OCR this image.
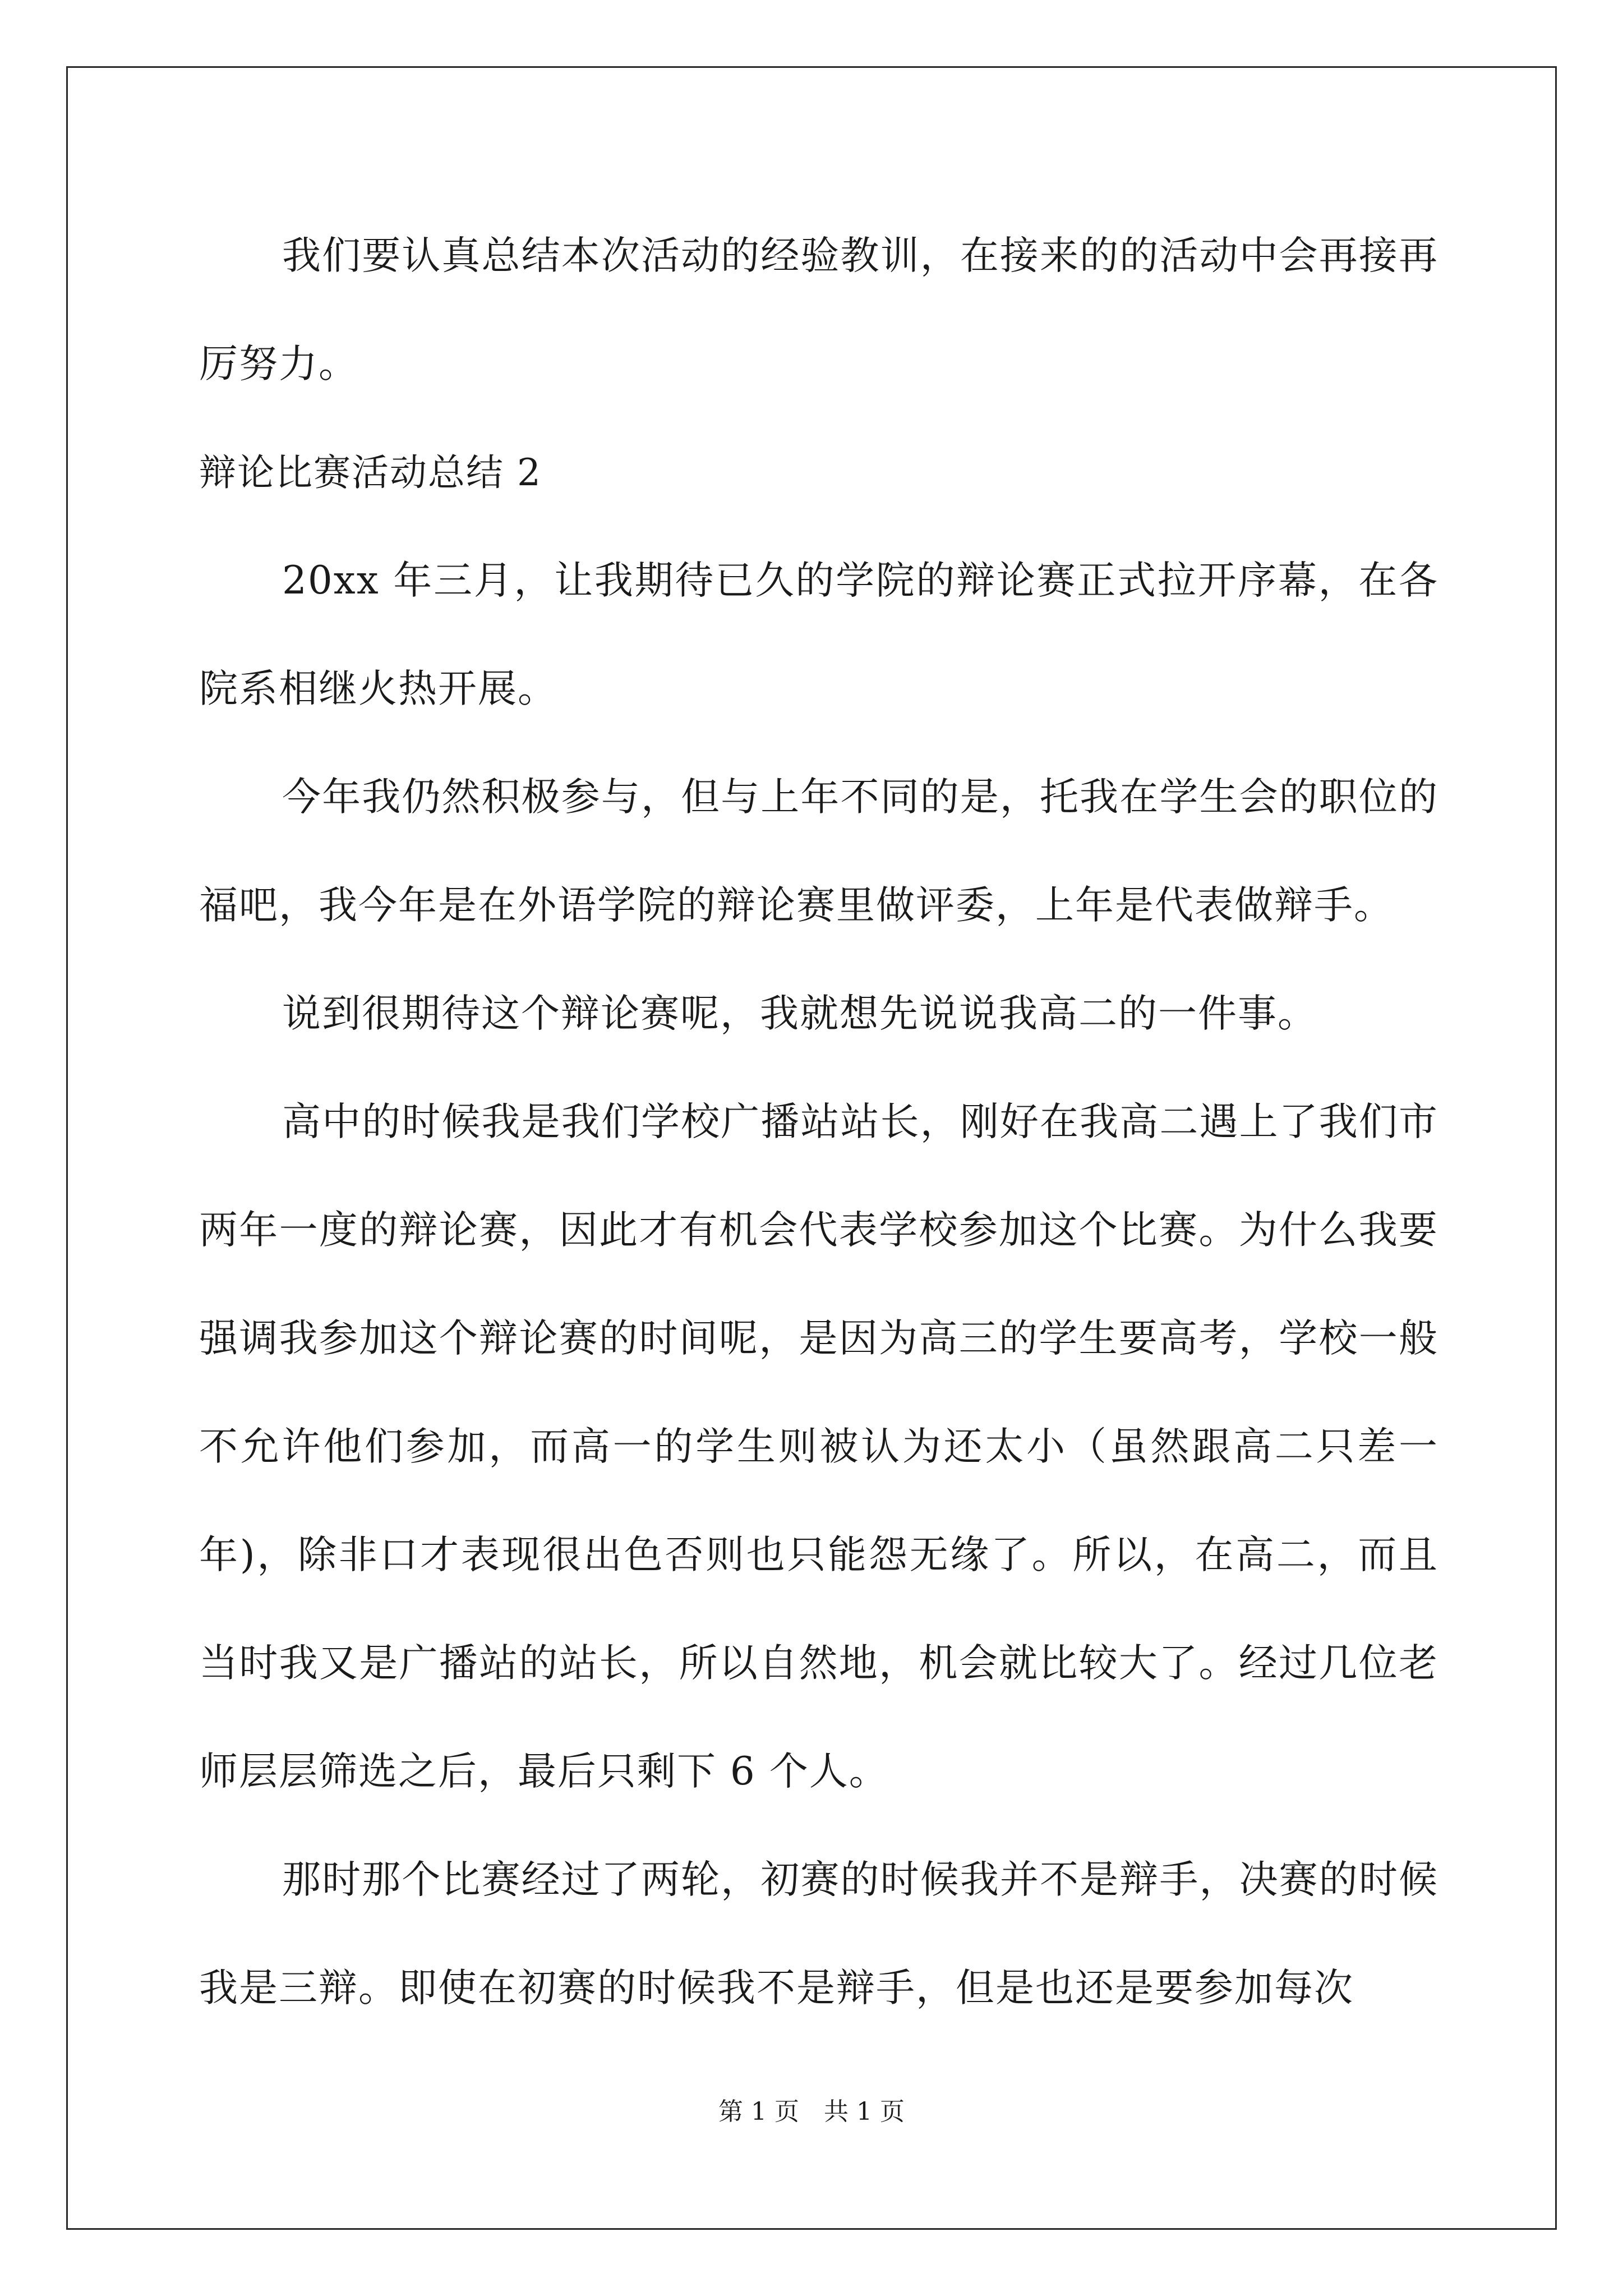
我们要认真总结本次活动的经验教训，在接来的的活动中会再接再厉努力。

辩论比赛活动总结 2

20xx 年三月，让我期待已久的学院的辩论赛正式拉开序幕，在各院系相继火热开展。

今年我仍然积极参与，但与上年不同的是，托我在学生会的职位的福吧，我今年是在外语学院的辩论赛里做评委，上年是代表做辩手。

说到很期待这个辩论赛呢，我就想先说说我高二的一件事。

高中的时候我是我们学校广播站站长，刚好在我高二遇上了我们市两年一度的辩论赛，因此才有机会代表学校参加这个比赛。为什么我要强调我参加这个辩论赛的时间呢，是因为高三的学生要高考，学校一般不允许他们参加，而高一的学生则被认为还太小（虽然跟高二只差一年)，除非口才表现很出色否则也只能怨无缘了。所以，在高二，而且当时我又是广播站的站长，所以自然地，机会就比较大了。经过几位老师层层筛选之后，最后只剩下 6 个人。

那时那个比赛经过了两轮，初赛的时候我并不是辩手，决赛的时候我是三辩。即使在初赛的时候我不是辩手，但是也还是要参加每次

第 1 页　共 1 页
